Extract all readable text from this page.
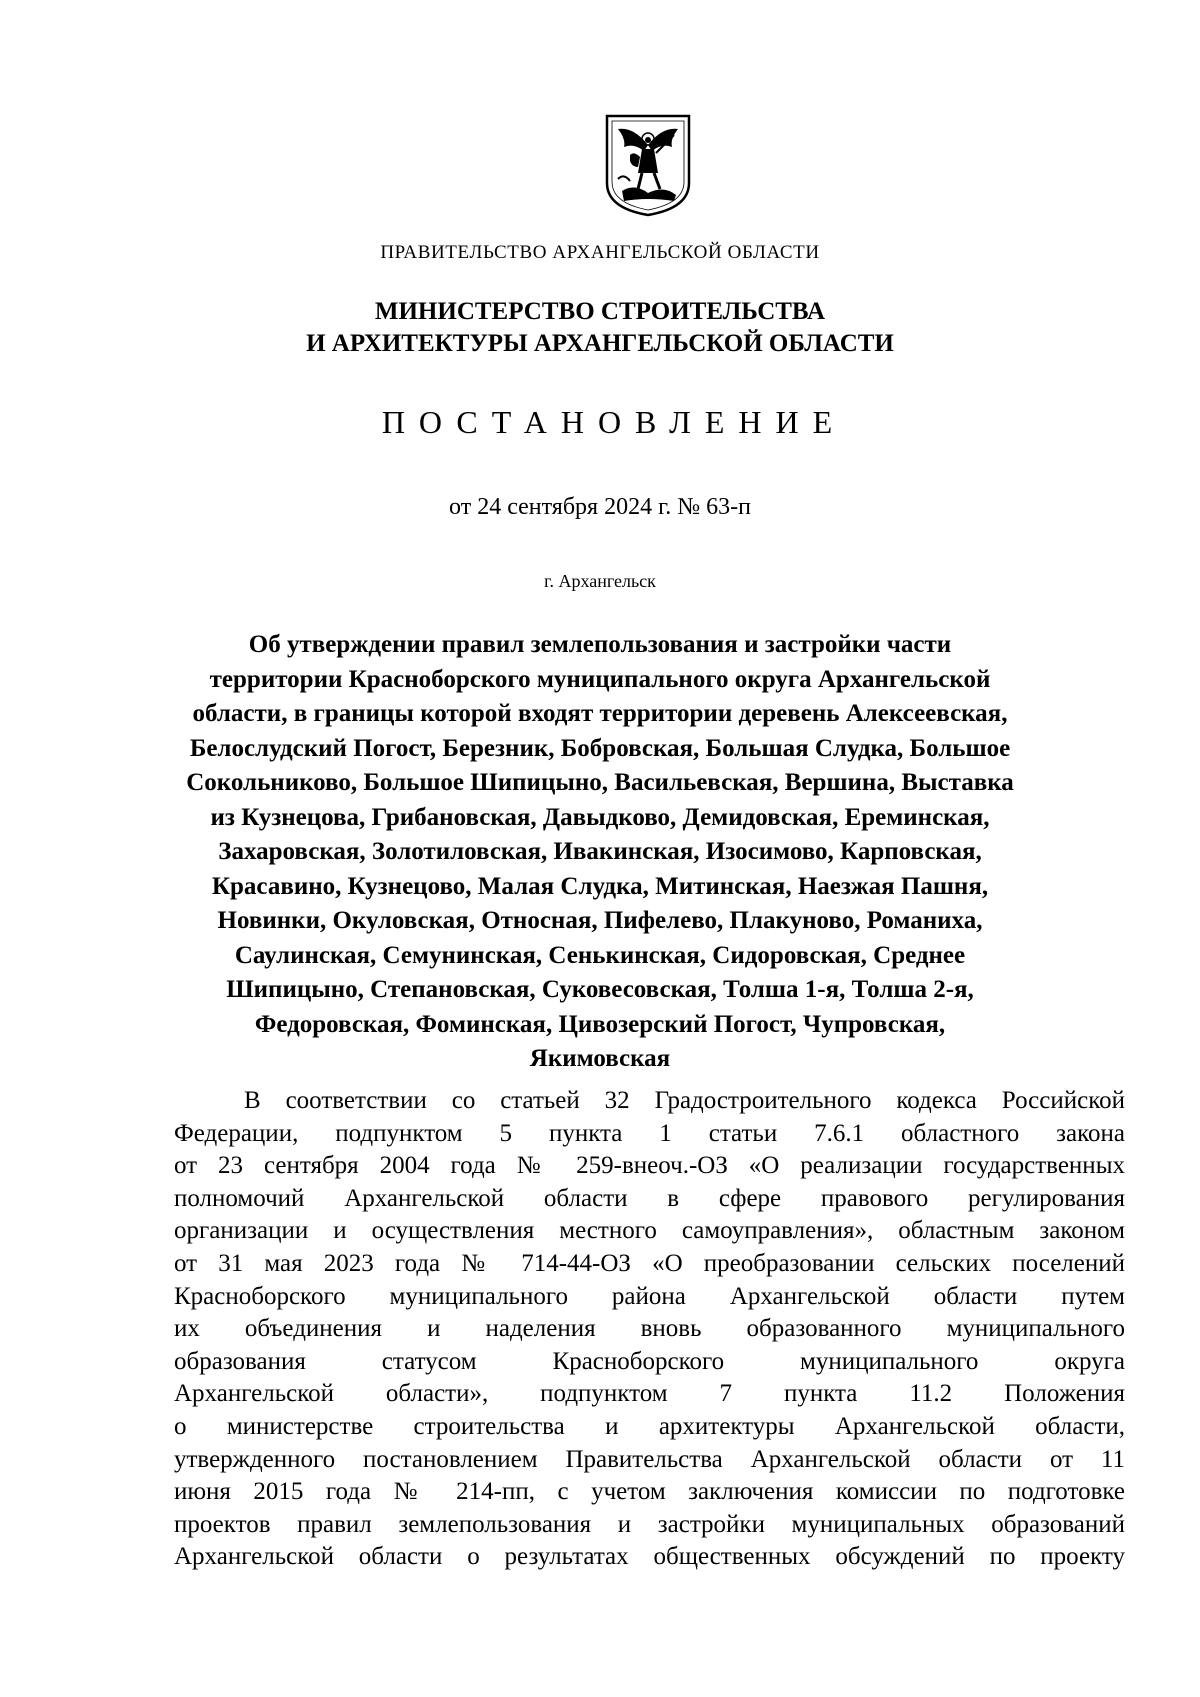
ПРАВИТЕЛЬСТВО АРХАНГЕЛЬСКОЙ ОБЛАСТИ
МИНИСТЕРСТВО СТРОИТЕЛЬСТВА
И АРХИТЕКТУРЫ АРХАНГЕЛЬСКОЙ ОБЛАСТИ
ПОСТАНОВЛЕНИЕ
от 24 сентября 2024 г. № 63-п
г. Архангельск
Об утверждении правил землепользования и застройки части
территории Красноборского муниципального округа Архангельской
области, в границы которой входят территории деревень Алексеевская,
Белослудский Погост, Березник, Бобровская, Большая Слудка, Большое
Сокольниково, Большое Шипицыно, Васильевская, Вершина, Выставка
из Кузнецова, Грибановская, Давыдково, Демидовская, Ереминская,
Захаровская, Золотиловская, Ивакинская, Изосимово, Карповская,
Красавино, Кузнецово, Малая Слудка, Митинская, Наезжая Пашня,
Новинки, Окуловская, Относная, Пифелево, Плакуново, Романиха,
Саулинская, Семунинская, Сенькинская, Сидоровская, Среднее
Шипицыно, Степановская, Суковесовская, Толша 1-я, Толша 2-я,
Федоровская, Фоминская, Цивозерский Погост, Чупровская,
Якимовская
В соответствии со статьей 32 Градостроительного кодекса Российской
Федерации, подпунктом 5 пункта 1 статьи 7.6.1 областного закона
от 23 сентября 2004 года № 259-внеоч.-ОЗ «О реализации государственных
полномочий Архангельской области в сфере правового регулирования
организации и осуществления местного самоуправления», областным законом
от 31 мая 2023 года № 714-44-ОЗ «О преобразовании сельских поселений
Красноборского муниципального района Архангельской области путем
их объединения и наделения вновь образованного муниципального
образования статусом Красноборского муниципального округа
Архангельской области», подпунктом 7 пункта 11.2 Положения
о министерстве строительства и архитектуры Архангельской области,
утвержденного постановлением Правительства Архангельской области от 11
июня 2015 года № 214-пп, с учетом заключения комиссии по подготовке
проектов правил землепользования и застройки муниципальных образований
Архангельской области о результатах общественных обсуждений по проекту
